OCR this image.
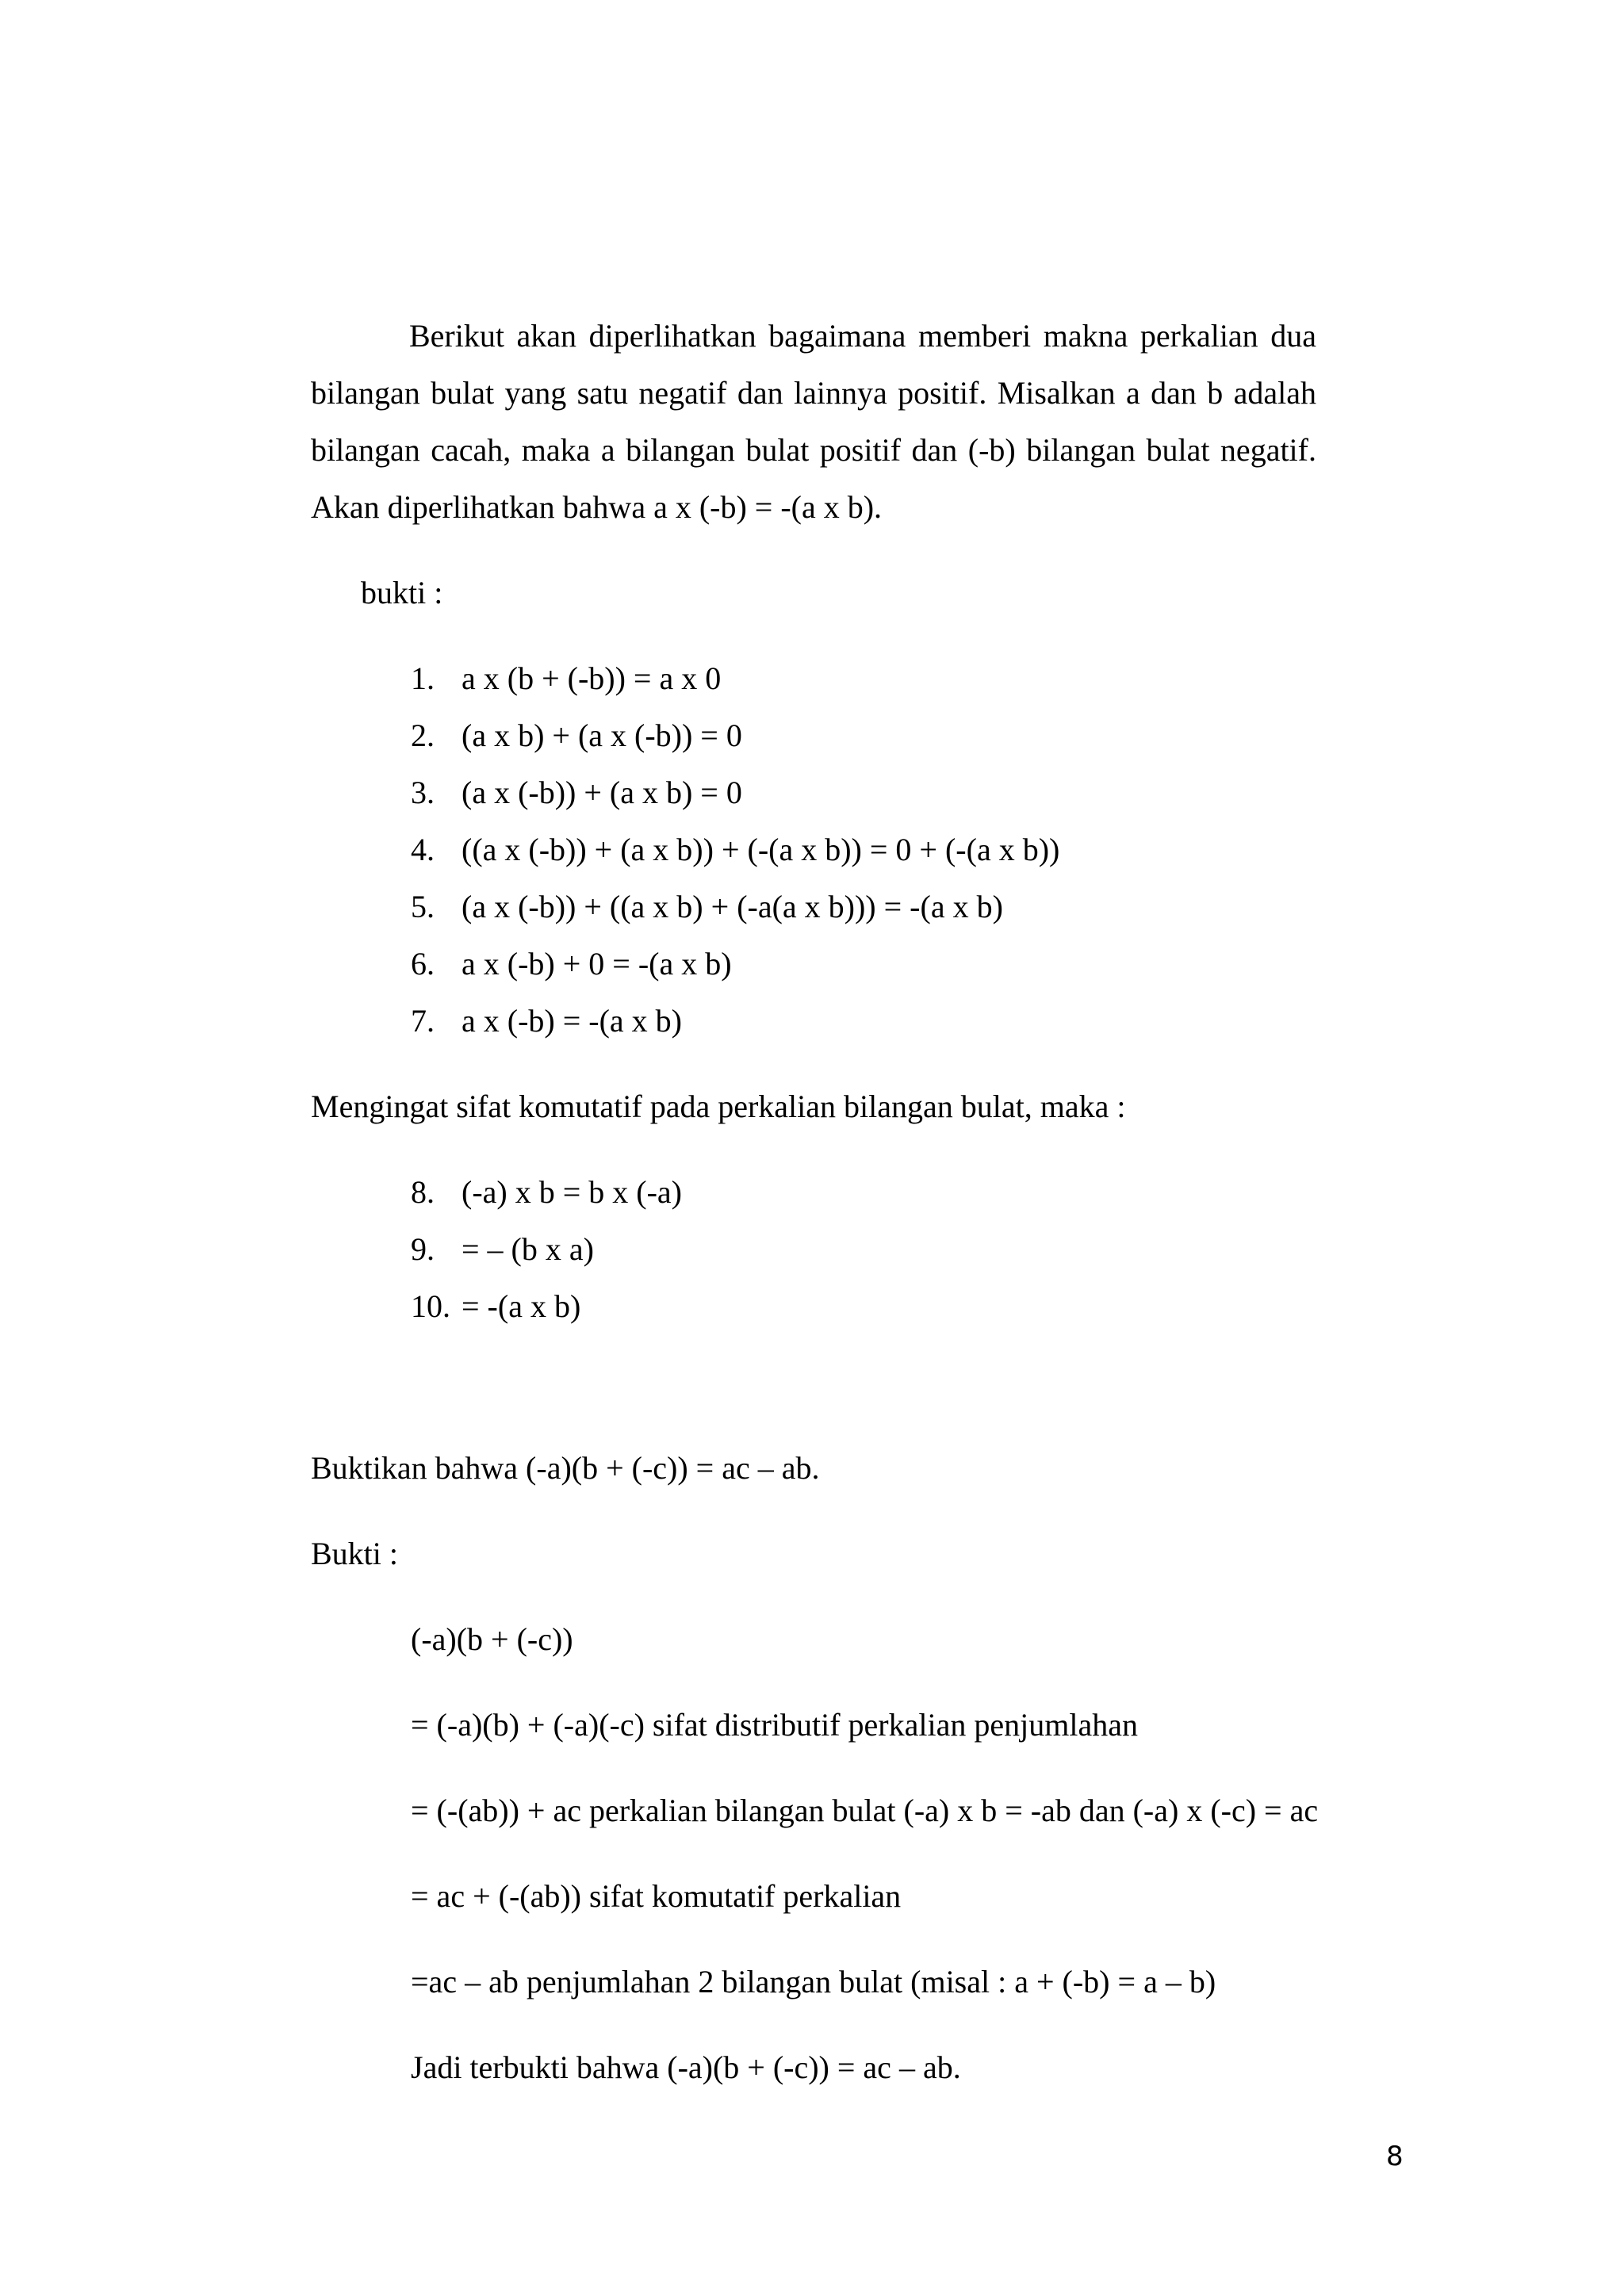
Berikut akan diperlihatkan bagaimana memberi makna perkalian dua
bilangan bulat yang satu negatif dan lainnya positif. Misalkan a dan b adalah
bilangan cacah, maka a bilangan bulat positif dan (-b) bilangan bulat negatif.
Akan diperlihatkan bahwa a x (-b) = -(a x b).
bukti :
1. a x (b + (-b)) = a x 0
2. (a x b) + (a x (-b)) = 0
3. (a x (-b)) + (a x b) = 0
4. ((a x (-b)) + (a x b)) + (-(a x b)) = 0 + (-(a x b))
5. (a x (-b)) + ((a x b) + (-a(a x b))) = -(a x b)
6. a x (-b) + 0 = -(a x b)
7. a x (-b) = -(a x b)
Mengingat sifat komutatif pada perkalian bilangan bulat, maka :
8. (-a) x b = b x (-a)
9. = – (b x a)
10. = -(a x b)
Buktikan bahwa (-a)(b + (-c)) = ac – ab.
Bukti :
(-a)(b + (-c))
= (-a)(b) + (-a)(-c) sifat distributif perkalian penjumlahan
= (-(ab)) + ac perkalian bilangan bulat (-a) x b = -ab dan (-a) x (-c) = ac
= ac + (-(ab)) sifat komutatif perkalian
=ac – ab penjumlahan 2 bilangan bulat (misal : a + (-b) = a – b)
Jadi terbukti bahwa (-a)(b + (-c)) = ac – ab.
8
